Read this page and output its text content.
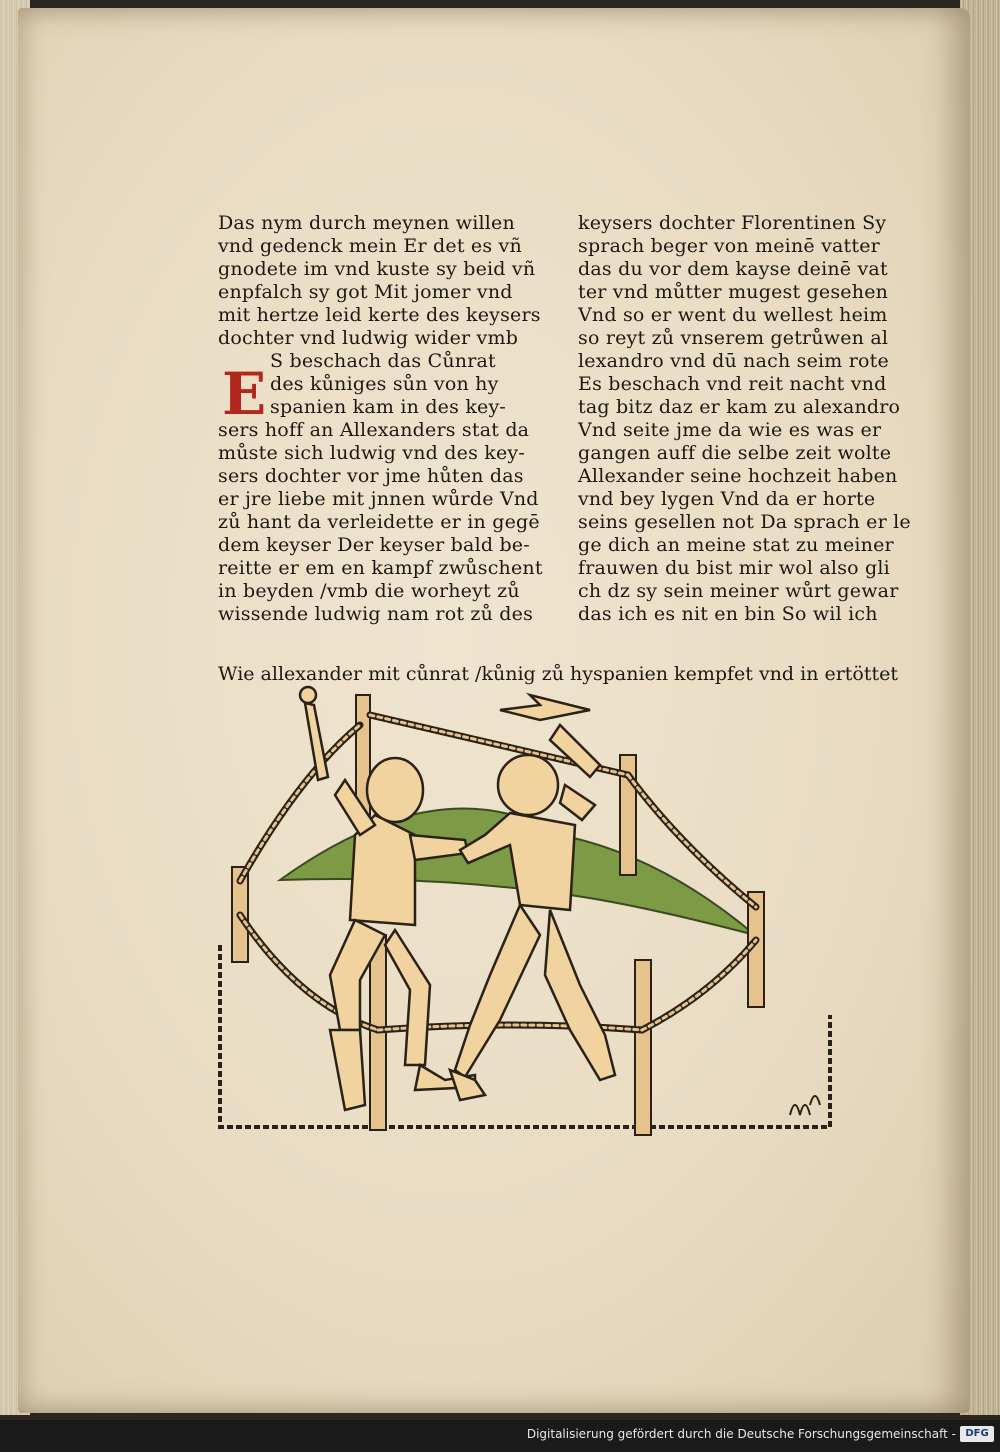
E
Das nym durch meynen willen
vnd gedenck mein Er det es vñ
gnodete im vnd kuste sy beid vñ
enpfalch sy got Mit jomer vnd
mit hertze leid kerte des keysers
dochter vnd ludwig wider vmb
S beschach das Cůnrat
des kůniges sůn von hy
spanien kam in des key-
sers hoff an Allexanders stat da
můste sich ludwig vnd des key-
sers dochter vor jme hůten das
er jre liebe mit jnnen wůrde Vnd
zů hant da verleidette er in gegē
dem keyser Der keyser bald be-
reitte er em en kampf zwůschent
in beyden /vmb die worheyt zů
wissende ludwig nam rot zů des
keysers dochter Florentinen Sy
sprach beger von meinē vatter
das du vor dem kayse deinē vat
ter vnd můtter mugest gesehen
Vnd so er went du wellest heim
so reyt zů vnserem getrůwen al
lexandro vnd dū nach seim rote
Es beschach vnd reit nacht vnd
tag bitz daz er kam zu alexandro
Vnd seite jme da wie es was er
gangen auff die selbe zeit wolte
Allexander seine hochzeit haben
vnd bey lygen Vnd da er horte
seins gesellen not Da sprach er le
ge dich an meine stat zu meiner
frauwen du bist mir wol also gli
ch dz sy sein meiner wůrt gewar
das ich es nit en bin So wil ich
Wie allexander mit cůnrat /kůnig zů hyspanien kempfet vnd in ertöttet
Digitalisierung gefördert durch die Deutsche Forschungsgemeinschaft - DFG
